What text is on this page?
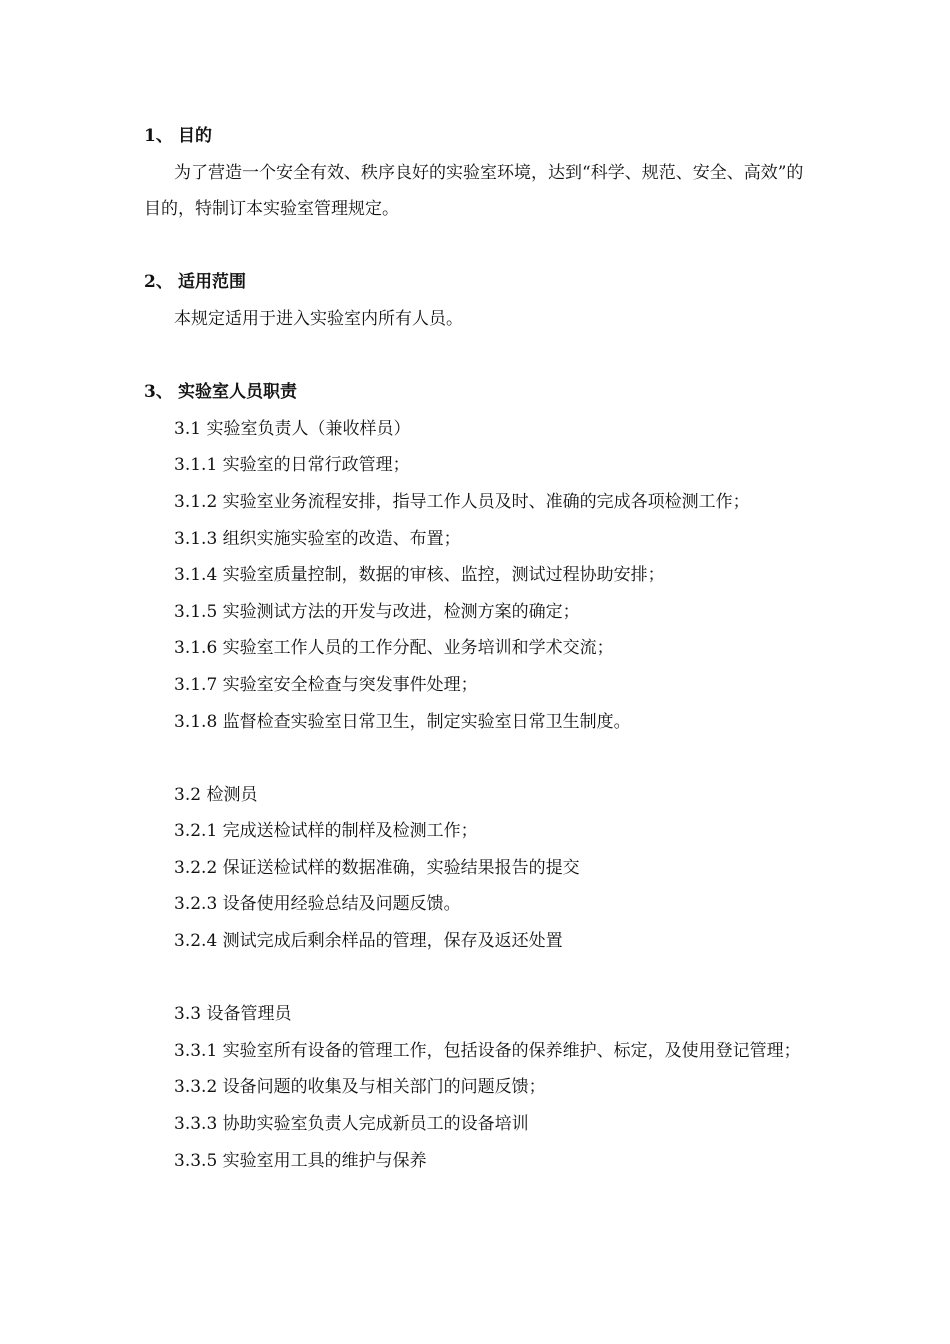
1、 目的
为了营造一个安全有效、秩序良好的实验室环境，达到“科学、规范、安全、高效”的目的，特制订本实验室管理规定。
2、 适用范围
本规定适用于进入实验室内所有人员。
3、 实验室人员职责
3.1 实验室负责人（兼收样员）
3.1.1 实验室的日常行政管理；
3.1.2 实验室业务流程安排，指导工作人员及时、准确的完成各项检测工作；
3.1.3 组织实施实验室的改造、布置；
3.1.4 实验室质量控制，数据的审核、监控，测试过程协助安排；
3.1.5 实验测试方法的开发与改进，检测方案的确定；
3.1.6 实验室工作人员的工作分配、业务培训和学术交流；
3.1.7 实验室安全检查与突发事件处理；
3.1.8 监督检查实验室日常卫生，制定实验室日常卫生制度。
3.2 检测员
3.2.1 完成送检试样的制样及检测工作；
3.2.2 保证送检试样的数据准确，实验结果报告的提交
3.2.3 设备使用经验总结及问题反馈。
3.2.4 测试完成后剩余样品的管理，保存及返还处置
3.3 设备管理员
3.3.1 实验室所有设备的管理工作，包括设备的保养维护、标定，及使用登记管理；
3.3.2 设备问题的收集及与相关部门的问题反馈；
3.3.3 协助实验室负责人完成新员工的设备培训
3.3.5 实验室用工具的维护与保养
